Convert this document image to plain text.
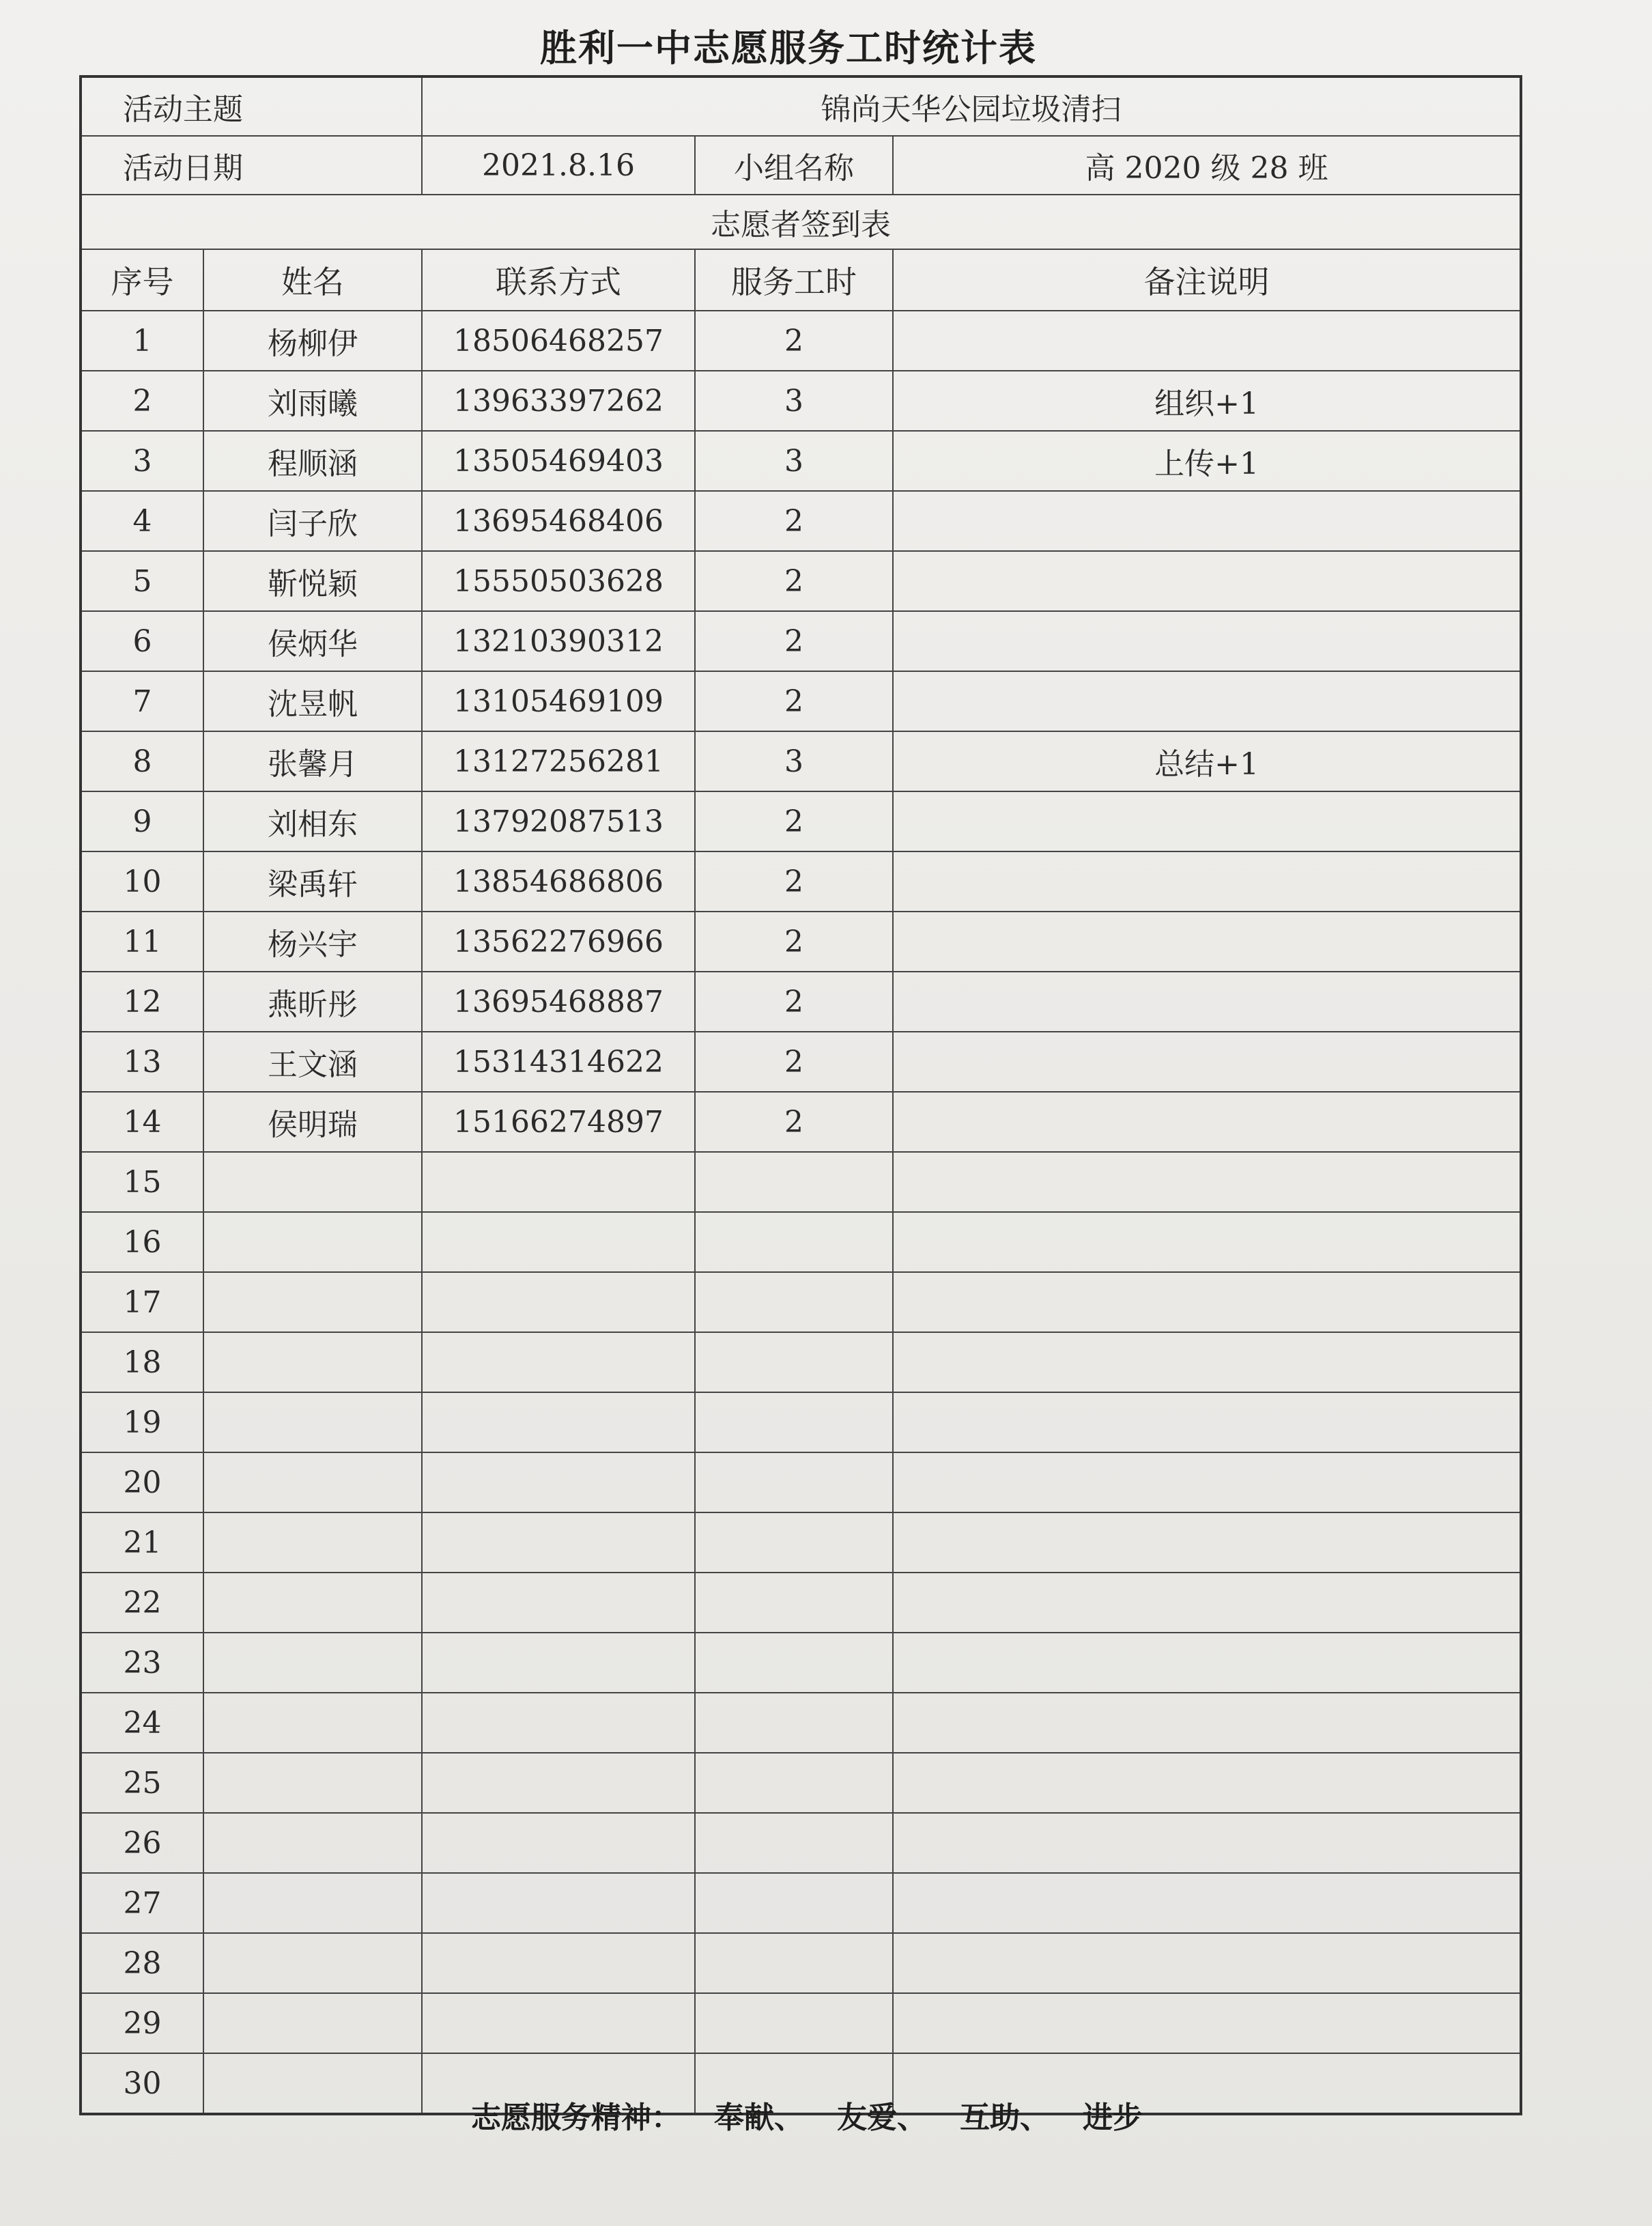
胜利一中志愿服务工时统计表
活动主题		锦尚天华公园垃圾清扫		
活动日期		2021.8.16	小组名称	高 2020 级 28 班
志愿者签到表				
序号	姓名	联系方式	服务工时	备注说明
1	杨柳伊	18506468257	2	
2	刘雨曦	13963397262	3	组织+1
3	程顺涵	13505469403	3	上传+1
4	闫子欣	13695468406	2	
5	靳悦颖	15550503628	2	
6	侯炳华	13210390312	2	
7	沈昱帆	13105469109	2	
8	张馨月	13127256281	3	总结+1
9	刘相东	13792087513	2	
10	梁禹轩	13854686806	2	
11	杨兴宇	13562276966	2	
12	燕昕彤	13695468887	2	
13	王文涵	15314314622	2	
14	侯明瑞	15166274897	2	
15				
16				
17				
18				
19				
20				
21				
22				
23				
24				
25				
26				
27				
28				
29				
30				
志愿服务精神： 奉献、 友爱、 互助、 进步
